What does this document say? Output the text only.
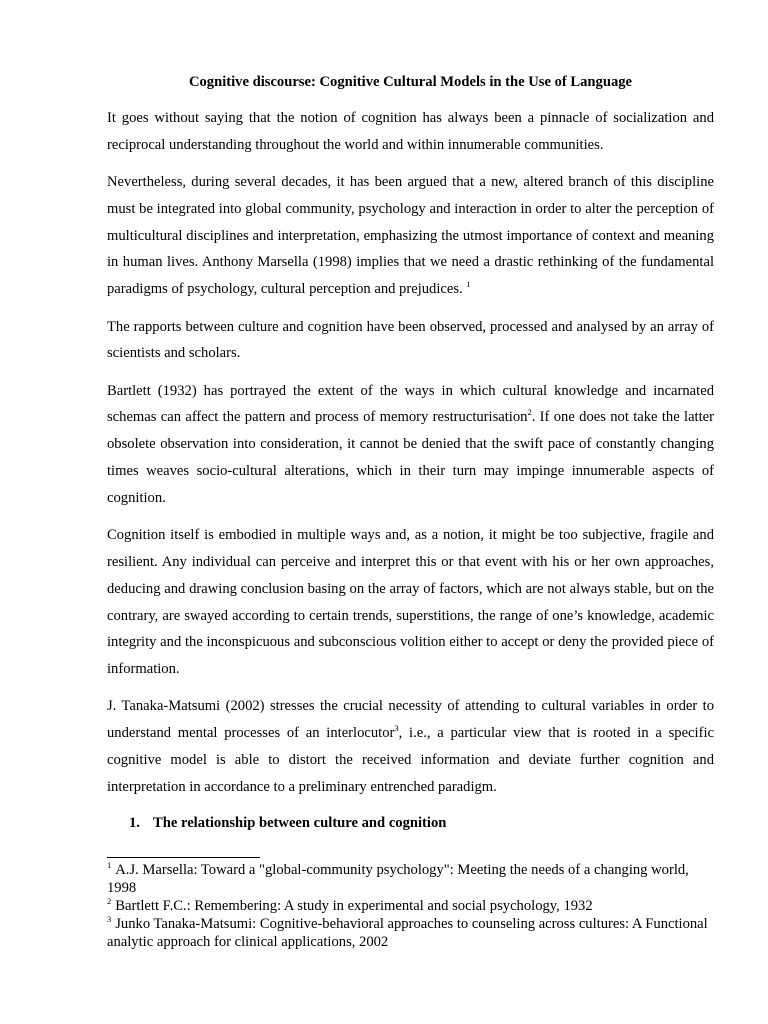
Cognitive discourse: Cognitive Cultural Models in the Use of Language

It goes without saying that the notion of cognition has always been a pinnacle of socialization and reciprocal understanding throughout the world and within innumerable communities.

Nevertheless, during several decades, it has been argued that a new, altered branch of this discipline must be integrated into global community, psychology and interaction in order to alter the perception of multicultural disciplines and interpretation, emphasizing the utmost importance of context and meaning in human lives. Anthony Marsella (1998) implies that we need a drastic rethinking of the fundamental paradigms of psychology, cultural perception and prejudices. $^1$

The rapports between culture and cognition have been observed, processed and analysed by an array of scientists and scholars.

Bartlett (1932) has portrayed the extent of the ways in which cultural knowledge and incarnated schemas can affect the pattern and process of memory restructurisation$^2$. If one does not take the latter obsolete observation into consideration, it cannot be denied that the swift pace of constantly changing times weaves socio-cultural alterations, which in their turn may impinge innumerable aspects of cognition.

Cognition itself is embodied in multiple ways and, as a notion, it might be too subjective, fragile and resilient. Any individual can perceive and interpret this or that event with his or her own approaches, deducing and drawing conclusion basing on the array of factors, which are not always stable, but on the contrary, are swayed according to certain trends, superstitions, the range of one’s knowledge, academic integrity and the inconspicuous and subconscious volition either to accept or deny the provided piece of information.

J. Tanaka-Matsumi (2002) stresses the crucial necessity of attending to cultural variables in order to understand mental processes of an interlocutor$^3$, i.e., a particular view that is rooted in a specific cognitive model is able to distort the received information and deviate further cognition and interpretation in accordance to a preliminary entrenched paradigm.

1. The relationship between culture and cognition

$^1$ A.J. Marsella: Toward a "global-community psychology": Meeting the needs of a changing world, 1998

$^2$ Bartlett F.C.: Remembering: A study in experimental and social psychology, 1932

$^3$ Junko Tanaka-Matsumi: Cognitive-behavioral approaches to counseling across cultures: A Functional analytic approach for clinical applications, 2002
